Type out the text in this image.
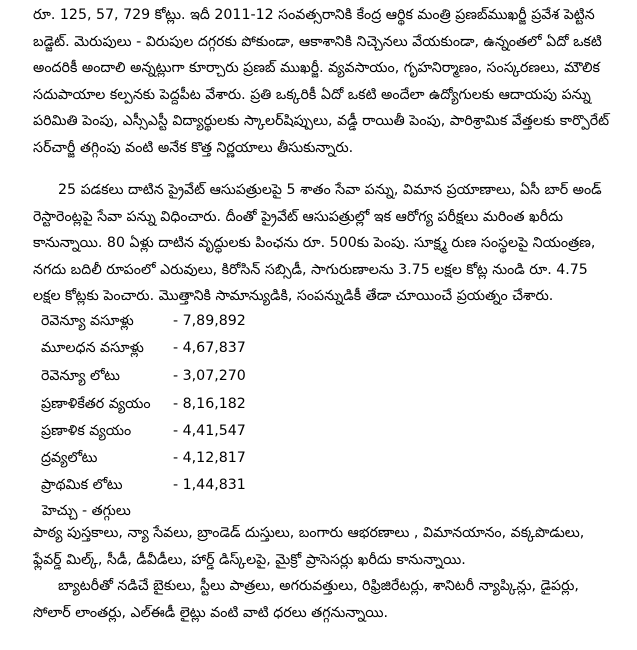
రూ. 125, 57, 729 కోట్లు. ఇదీ 2011-12 సంవత్సరానికి కేంద్ర ఆర్థిక మంత్రి ప్రణబ్‌ముఖర్జీ ప్రవేశ పెట్టిన
బడ్జెట్. మెరుపులు - విరుపుల దగ్గరకు పోకుండా, ఆకాశానికి నిచ్చెనలు వేయకుండా, ఉన్నంతలో ఏదో ఒకటి
అందరికీ అందాలి అన్నట్లుగా కూర్చారు ప్రణబ్ ముఖర్జీ. వ్యవసాయం, గృహనిర్మాణం, సంస్కరణలు, మౌలిక
సదుపాయాల కల్పనకు పెద్దపీట వేశారు. ప్రతి ఒక్కరికీ ఏదో ఒకటి అందేలా ఉద్యోగులకు ఆదాయపు పన్ను
పరిమితి పెంపు, ఎస్సీఎస్టీ విద్యార్థులకు స్కాలర్‌షిప్పులు, వడ్డీ రాయితీ పెంపు, పారిశ్రామిక వేత్తలకు కార్పొరేట్
సర్‌చార్జీ తగ్గింపు వంటి అనేక కొత్త నిర్ణయాలు తీసుకున్నారు.
25 పడకలు దాటిన ప్రైవేట్ ఆసుపత్రులపై 5 శాతం సేవా పన్ను, విమాన ప్రయాణాలు, ఏసీ బార్ అండ్
రెస్టారెంట్లపై సేవా పన్ను విధించారు. దీంతో ప్రైవేట్ ఆసుపత్రుల్లో ఇక ఆరోగ్య పరీక్షలు మరింత ఖరీదు
కానున్నాయి. 80 ఏళ్లు దాటిన వృద్ధులకు పింఛను రూ. 500కు పెంపు. సూక్ష్మ రుణ సంస్థలపై నియంత్రణ,
నగదు బదిలీ రూపంలో ఎరువులు, కిరోసిన్ సబ్సిడీ, సాగురుణాలను 3.75 లక్షల కోట్ల నుండి రూ. 4.75
లక్షల కోట్లకు పెంచారు. మొత్తానికి సామాన్యుడికి, సంపన్నుడికీ తేడా చూయించే ప్రయత్నం చేశారు.
రెవెన్యూ వసూళ్లు	- 7,89,892
మూలధన వసూళ్లు - 4,67,837
రెవెన్యూ లోటు	- 3,07,270
ప్రణాళికేతర వ్యయం - 8,16,182
ప్రణాళిక వ్యయం	- 4,41,547
ద్రవ్యలోటు	- 4,12,817
ప్రాథమిక లోటు	- 1,44,831
హెచ్చు - తగ్గులు
పాఠ్య పుస్తకాలు, న్యా సేవలు, బ్రాండెడ్ దుస్తులు, బంగారు ఆభరణాలు , విమానయానం, వక్కపొడులు,
ఫ్లేవర్డ్ మిల్క్, సీడీ, డీవీడీలు, హార్డ్ డిస్క్‌లపై, మైక్రో ప్రాసెసర్లు ఖరీదు కానున్నాయి.
బ్యాటరీతో నడిచే బైకులు, స్టీలు పాత్రలు, అగరువత్తులు, రిఫ్రిజిరేటర్లు, శానిటరీ న్యాప్కిన్లు, డైపర్లు,
సోలార్ లాంతర్లు, ఎల్ఈడీ లైట్లు వంటి వాటి ధరలు తగ్గనున్నాయి.
